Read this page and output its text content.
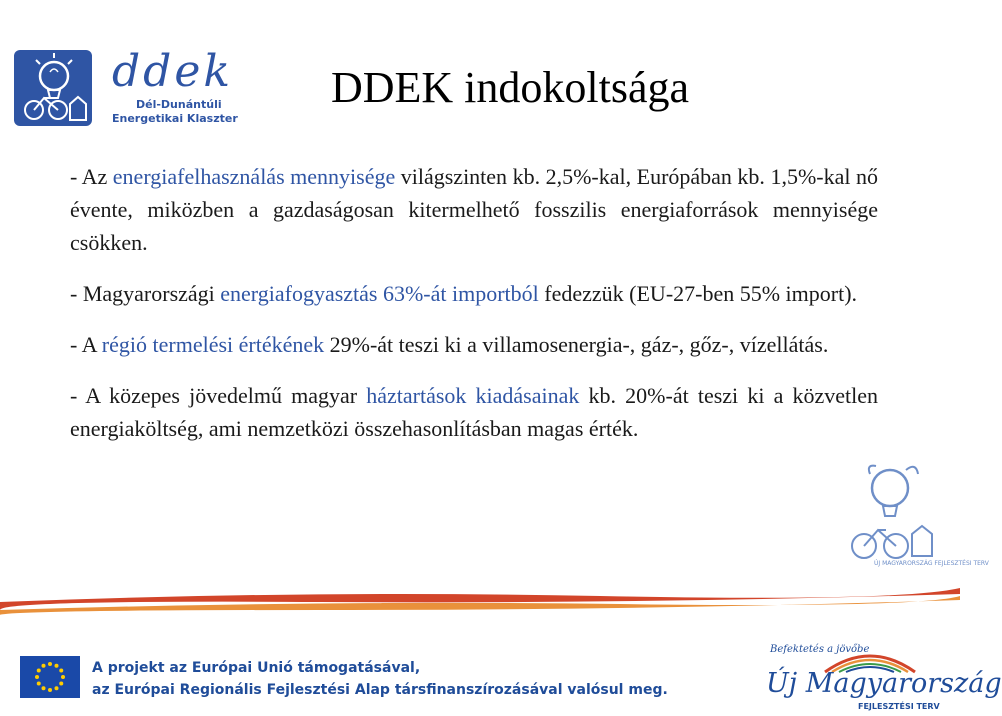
ddek
Dél-Dunántúli
Energetikai Klaszter
DDEK indokoltsága

- Az energiafelhasználás mennyisége világszinten kb. 2,5%-kal, Európában kb. 1,5%-kal nő évente, miközben a gazdaságosan kitermelhető fosszilis energiaforrások mennyisége csökken.

- Magyarországi energiafogyasztás 63%-át importból fedezzük (EU-27-ben 55% import).

- A régió termelési értékének 29%-át teszi ki a villamosenergia-, gáz-, gőz-, vízellátás.

- A közepes jövedelmű magyar háztartások kiadásainak kb. 20%-át teszi ki a közvetlen energiaköltség, ami nemzetközi összehasonlításban magas érték.

ÚJ MAGYARORSZÁG FEJLESZTÉSI TERV
A projekt az Európai Unió támogatásával,
az Európai Regionális Fejlesztési Alap társfinanszírozásával valósul meg.
Befektetés a jövőbe
Új Magyarország
FEJLESZTÉSI TERV
